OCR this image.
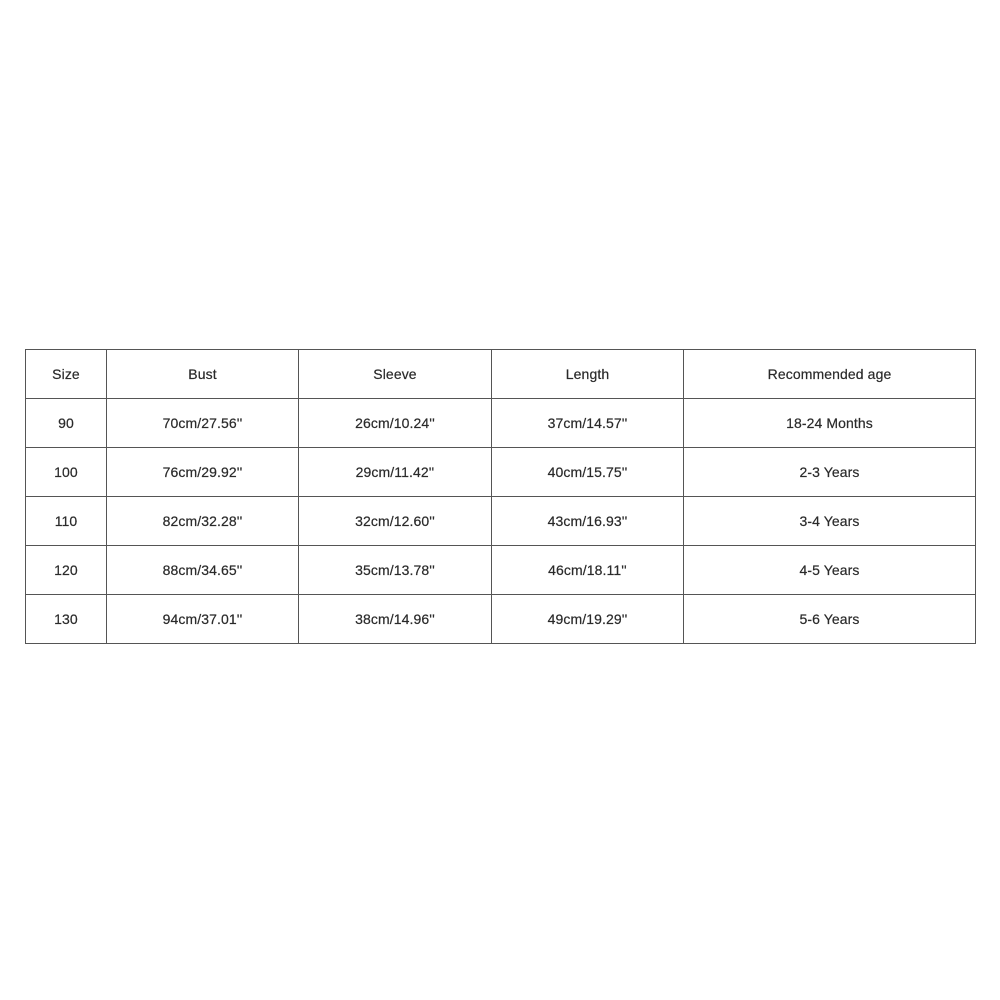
Size	Bust	Sleeve	Length	Recommended age
90	70cm/27.56''	26cm/10.24''	37cm/14.57''	18-24 Months
100	76cm/29.92''	29cm/11.42''	40cm/15.75''	2-3 Years
110	82cm/32.28''	32cm/12.60''	43cm/16.93''	3-4 Years
120	88cm/34.65''	35cm/13.78''	46cm/18.11''	4-5 Years
130	94cm/37.01''	38cm/14.96''	49cm/19.29''	5-6 Years
